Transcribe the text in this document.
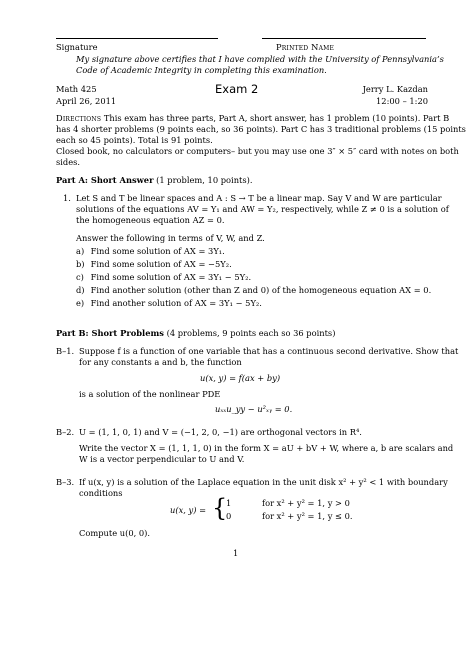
Signature	Printed Name
My signature above certifies that I have complied with the University of Pennsylvania’s
Code of Academic Integrity in completing this examination.
Math 425	Exam 2	Jerry L. Kazdan
April 26, 2011	12:00 – 1:20
Directions This exam has three parts, Part A, short answer, has 1 problem (10 points). Part B
has 4 shorter problems (9 points each, so 36 points). Part C has 3 traditional problems (15 points
each so 45 points). Total is 91 points.
Closed book, no calculators or computers– but you may use one 3″ × 5″ card with notes on both
sides.
Part A: Short Answer (1 problem, 10 points).
1. Let S and T be linear spaces and A : S → T be a linear map. Say V and W are particular
solutions of the equations AV = Y₁ and AW = Y₂, respectively, while Z ≠ 0 is a solution of
the homogeneous equation AZ = 0.
Answer the following in terms of V, W, and Z.
a) Find some solution of AX = 3Y₁.
b) Find some solution of AX = −5Y₂.
c) Find some solution of AX = 3Y₁ − 5Y₂.
d) Find another solution (other than Z and 0) of the homogeneous equation AX = 0.
e) Find another solution of AX = 3Y₁ − 5Y₂.
Part B: Short Problems (4 problems, 9 points each so 36 points)
B–1. Suppose f is a function of one variable that has a continuous second derivative. Show that
for any constants a and b, the function
u(x, y) = f(ax + by)
is a solution of the nonlinear PDE
uₓₓu_yy − u²ₓᵧ = 0.
B–2. U = (1, 1, 0, 1) and V = (−1, 2, 0, −1) are orthogonal vectors in R⁴.
Write the vector X = (1, 1, 1, 0) in the form X = aU + bV + W, where a, b are scalars and
W is a vector perpendicular to U and V.
B–3. If u(x, y) is a solution of the Laplace equation in the unit disk x² + y² < 1 with boundary
conditions
u(x, y) = {
1	for x² + y² = 1, y > 0
0	for x² + y² = 1, y ≤ 0.
Compute u(0, 0).
1
